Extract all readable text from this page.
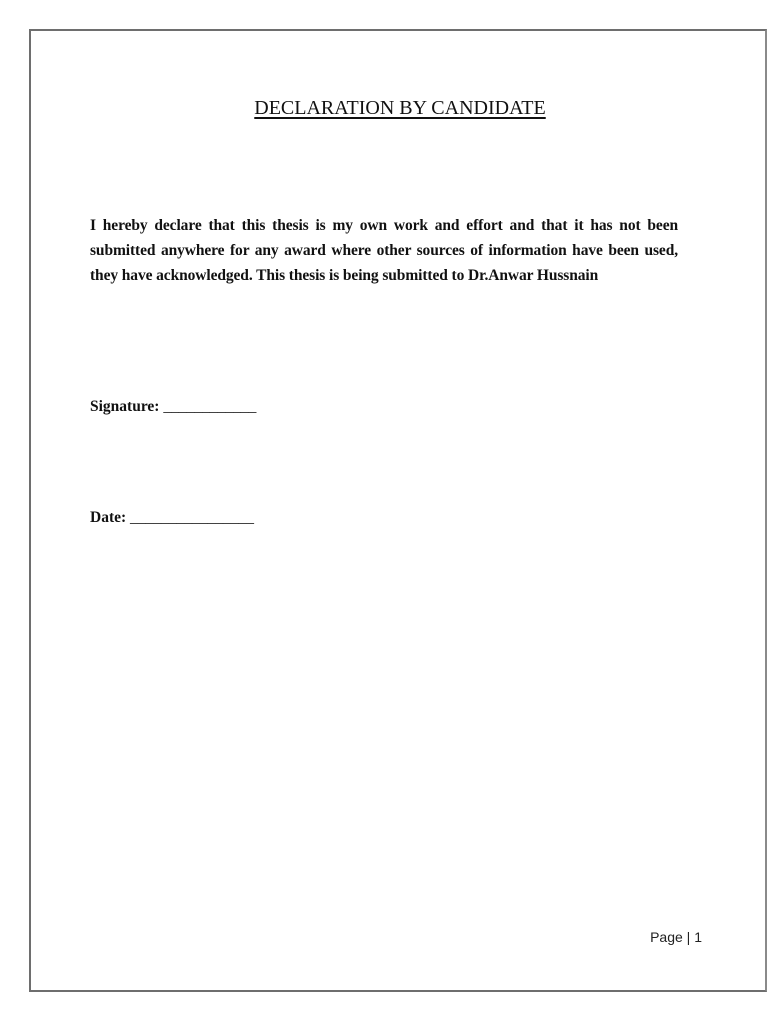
DECLARATION BY CANDIDATE

I hereby declare that this thesis is my own work and effort and that it has not been submitted anywhere for any award where other sources of information have been used, they have acknowledged. This thesis is being submitted to Dr.Anwar Hussnain

Signature: ____________

Date: ________________

Page | 1
